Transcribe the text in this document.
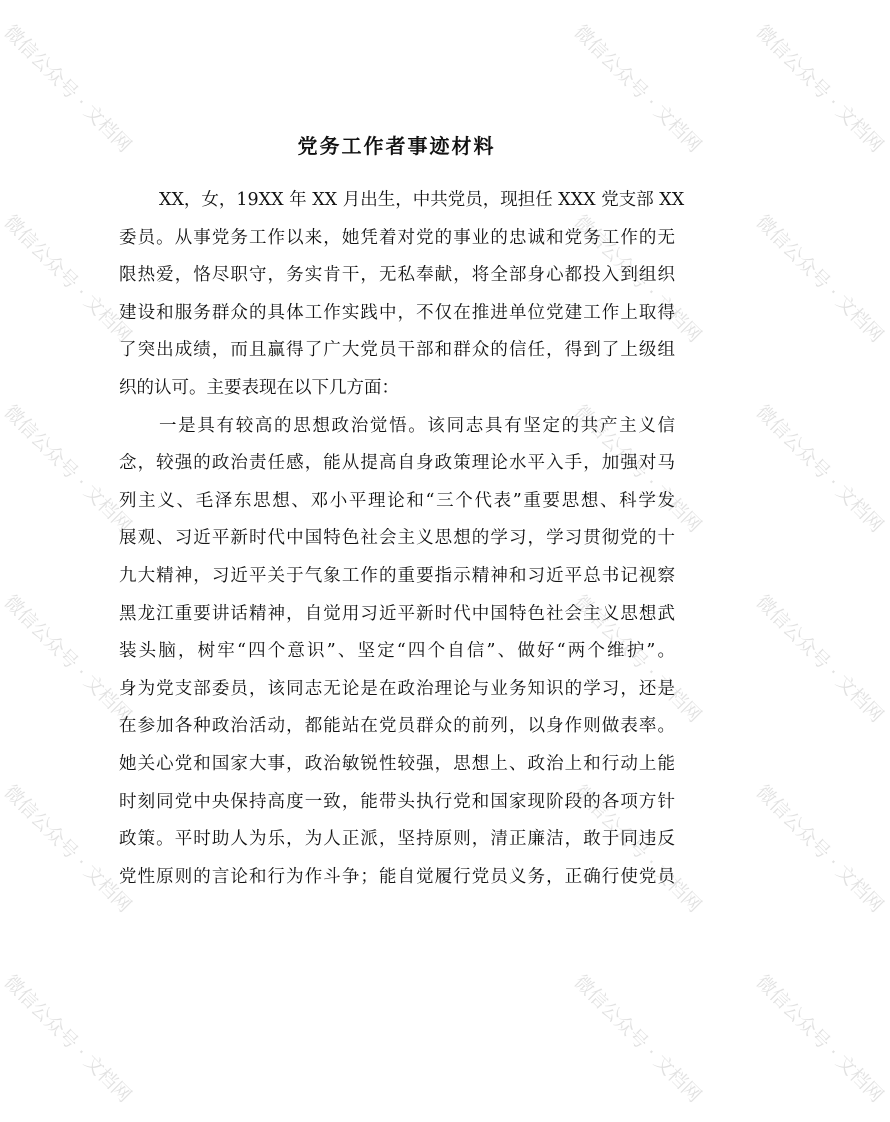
党务工作者事迹材料
XX，女，19XX 年 XX 月出生，中共党员，现担任 XXX 党支部 XX
委员。从事党务工作以来，她凭着对党的事业的忠诚和党务工作的无
限热爱，恪尽职守，务实肯干，无私奉献，将全部身心都投入到组织
建设和服务群众的具体工作实践中，不仅在推进单位党建工作上取得
了突出成绩，而且赢得了广大党员干部和群众的信任，得到了上级组
织的认可。主要表现在以下几方面：
一是具有较高的思想政治觉悟。该同志具有坚定的共产主义信
念，较强的政治责任感，能从提高自身政策理论水平入手，加强对马
列主义、毛泽东思想、邓小平理论和“三个代表”重要思想、科学发
展观、习近平新时代中国特色社会主义思想的学习，学习贯彻党的十
九大精神，习近平关于气象工作的重要指示精神和习近平总书记视察
黑龙江重要讲话精神，自觉用习近平新时代中国特色社会主义思想武
装头脑，树牢“四个意识”、坚定“四个自信”、做好“两个维护”。
身为党支部委员，该同志无论是在政治理论与业务知识的学习，还是
在参加各种政治活动，都能站在党员群众的前列，以身作则做表率。
她关心党和国家大事，政治敏锐性较强，思想上、政治上和行动上能
时刻同党中央保持高度一致，能带头执行党和国家现阶段的各项方针
政策。平时助人为乐，为人正派，坚持原则，清正廉洁，敢于同违反
党性原则的言论和行为作斗争；能自觉履行党员义务，正确行使党员
微信公众号 · 文档网
微信公众号 · 文档网
微信公众号 · 文档网
微信公众号 · 文档网
微信公众号 · 文档网
微信公众号 · 文档网
微信公众号 · 文档网
微信公众号 · 文档网
微信公众号 · 文档网
微信公众号 · 文档网
微信公众号 · 文档网
微信公众号 · 文档网
微信公众号 · 文档网
微信公众号 · 文档网
微信公众号 · 文档网
微信公众号 · 文档网
微信公众号 · 文档网
微信公众号 · 文档网
